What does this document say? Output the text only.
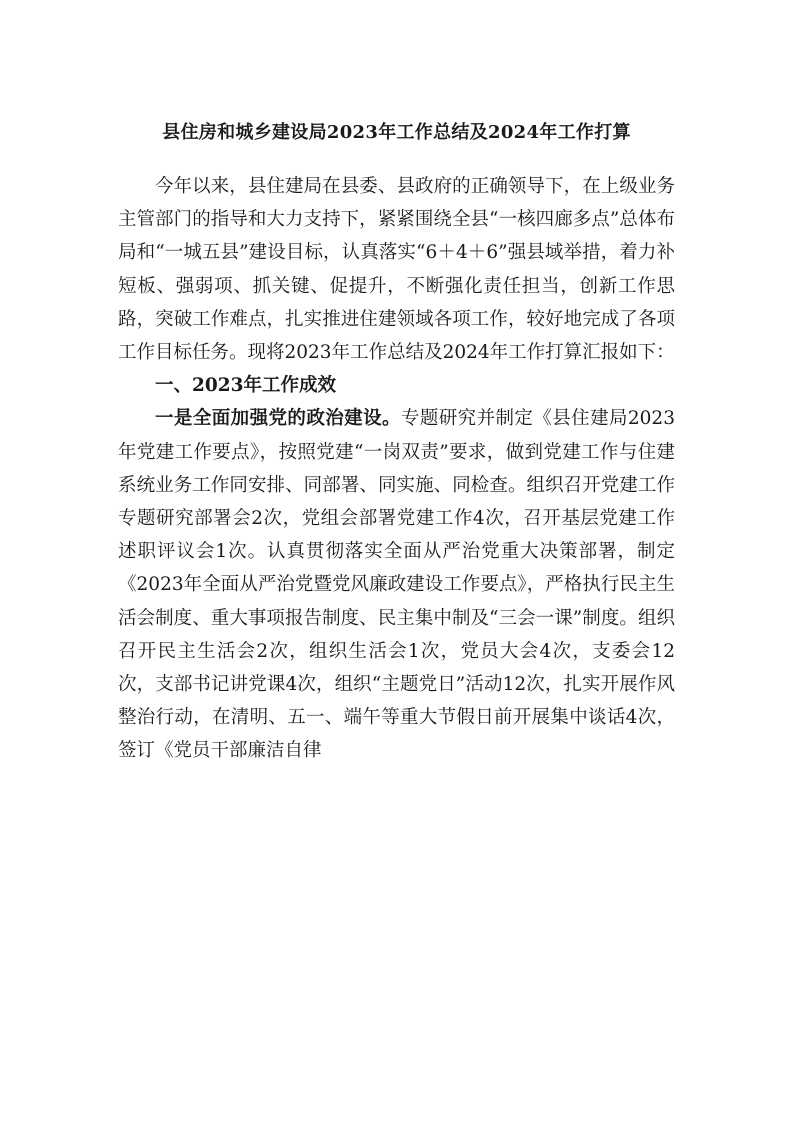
县住房和城乡建设局2023年工作总结及2024年工作打算

今年以来，县住建局在县委、县政府的正确领导下，在上级业务主管部门的指导和大力支持下，紧紧围绕全县“一核四廊多点”总体布局和“一城五县”建设目标，认真落实“6＋4＋6”强县域举措，着力补短板、强弱项、抓关键、促提升，不断强化责任担当，创新工作思路，突破工作难点，扎实推进住建领域各项工作，较好地完成了各项工作目标任务。现将2023年工作总结及2024年工作打算汇报如下：

一、2023年工作成效

一是全面加强党的政治建设。专题研究并制定《县住建局2023年党建工作要点》，按照党建“一岗双责”要求，做到党建工作与住建系统业务工作同安排、同部署、同实施、同检查。组织召开党建工作专题研究部署会2次，党组会部署党建工作4次，召开基层党建工作述职评议会1次。认真贯彻落实全面从严治党重大决策部署，制定《2023年全面从严治党暨党风廉政建设工作要点》，严格执行民主生活会制度、重大事项报告制度、民主集中制及“三会一课”制度。组织召开民主生活会2次，组织生活会1次，党员大会4次，支委会12次，支部书记讲党课4次，组织“主题党日”活动12次，扎实开展作风整治行动，在清明、五一、端午等重大节假日前开展集中谈话4次，签订《党员干部廉洁自律
